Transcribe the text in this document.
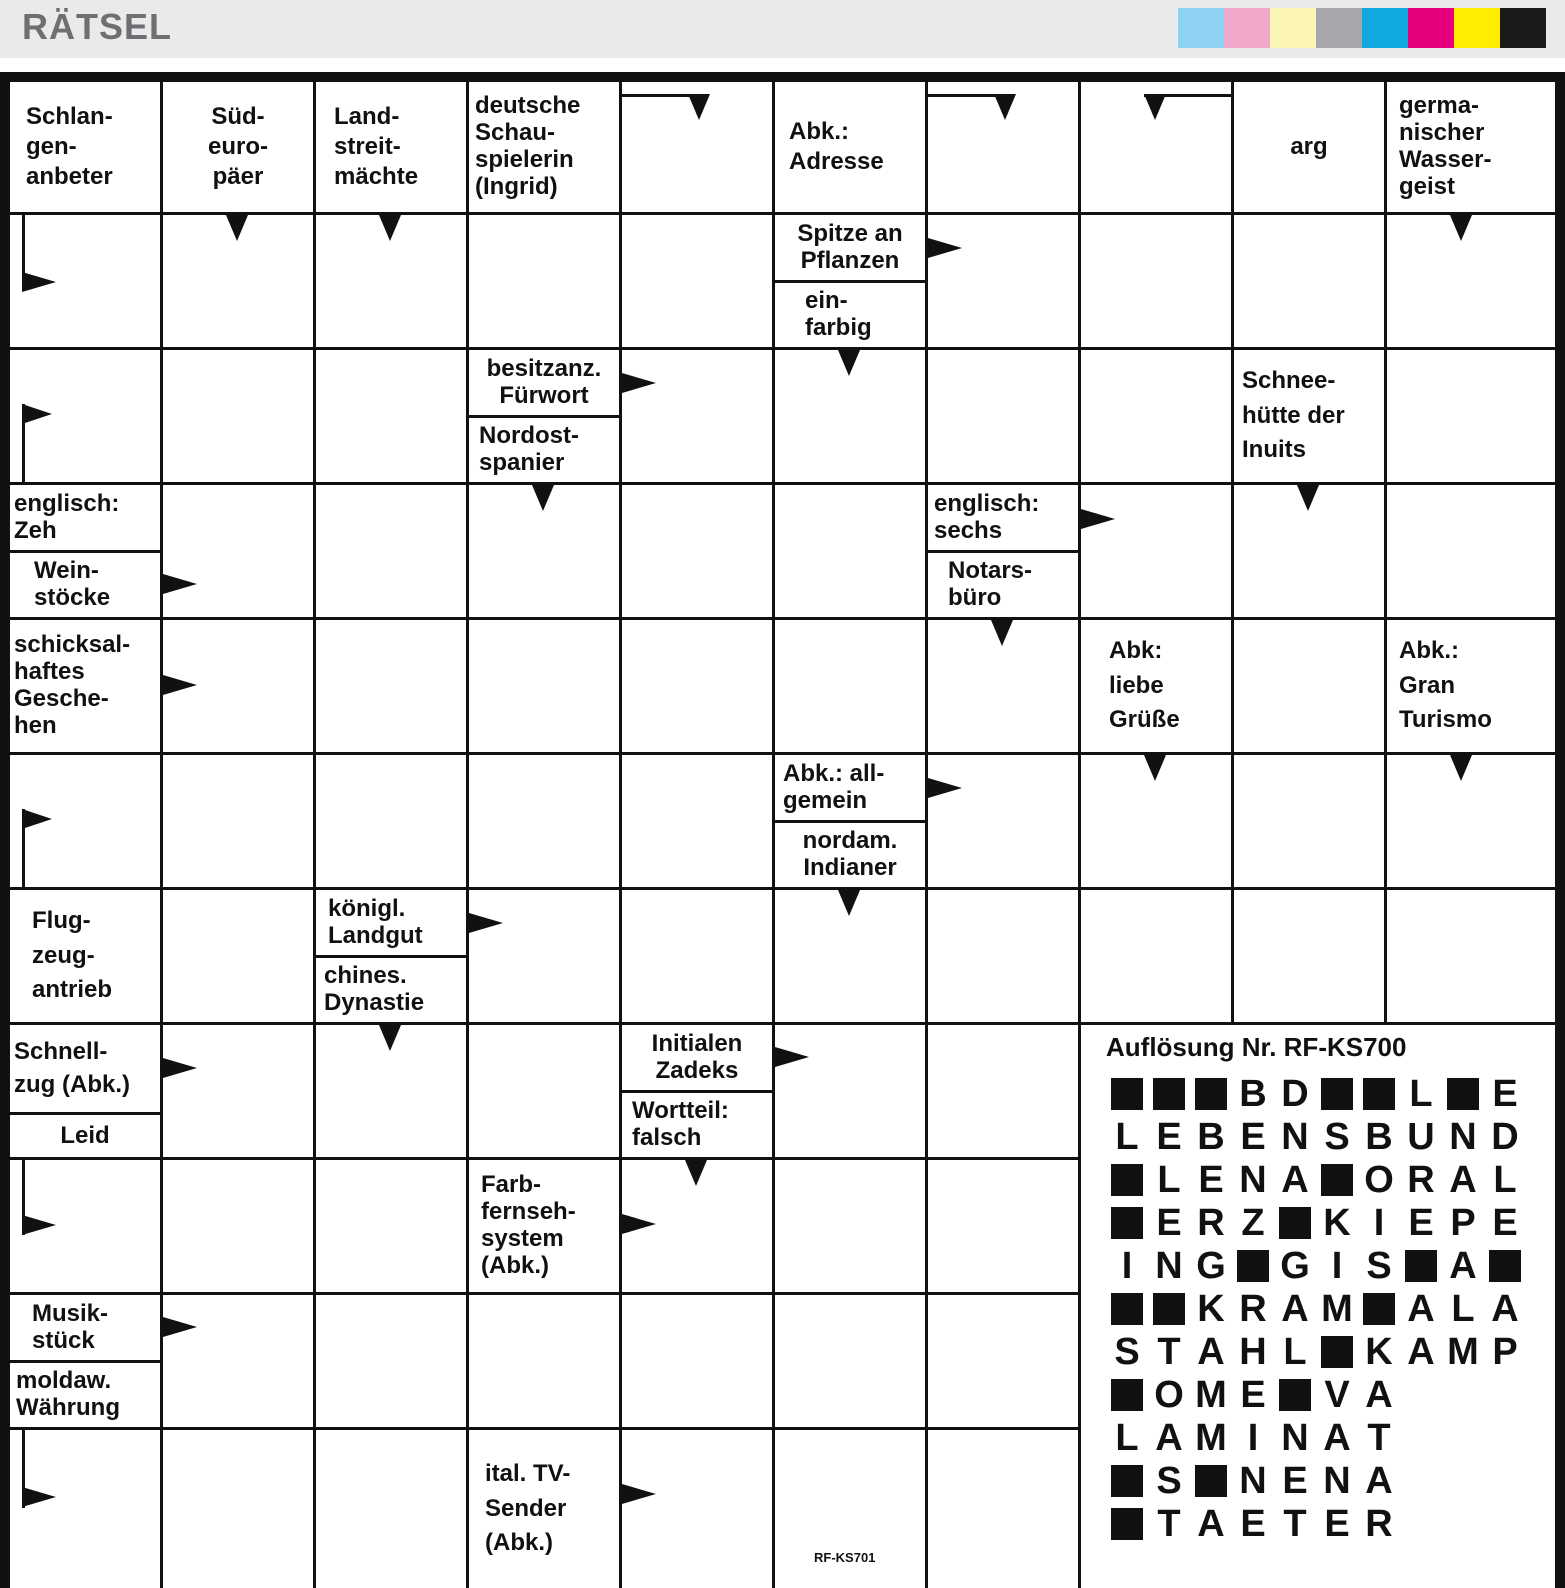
RÄTSEL
Schlan-
gen-
anbeter
Süd-
euro-
päer
Land-
streit-
mächte
deutsche
Schau-
spielerin
(Ingrid)
Abk.:
Adresse
arg
germa-
nischer
Wasser-
geist
Spitze an
Pflanzen
ein-
farbig
besitzanz.
Fürwort
Nordost-
spanier
Schnee-
hütte der
Inuits
englisch:
Zeh
Wein-
stöcke
englisch:
sechs
Notars-
büro
schicksal-
haftes
Gesche-
hen
Abk:
liebe
Grüße
Abk.:
Gran
Turismo
Abk.: all-
gemein
nordam.
Indianer
Flug-
zeug-
antrieb
königl.
Landgut
chines.
Dynastie
Schnell-
zug (Abk.)
Leid
Initialen
Zadeks
Wortteil:
falsch
Farb-
fernseh-
system
(Abk.)
Musik-
stück
moldaw.
Währung
ital. TV-
Sender
(Abk.)
Auflösung Nr. RF-KS700
B D	L E
L E B E N S B U N D
L E N A O R A L
E R Z K I E P E
I N G G I S A
K R A M A L A
S T A H L K A M P
O M E V A
L A M I N A T
S N E N A
T A E T E R
RF-KS701
